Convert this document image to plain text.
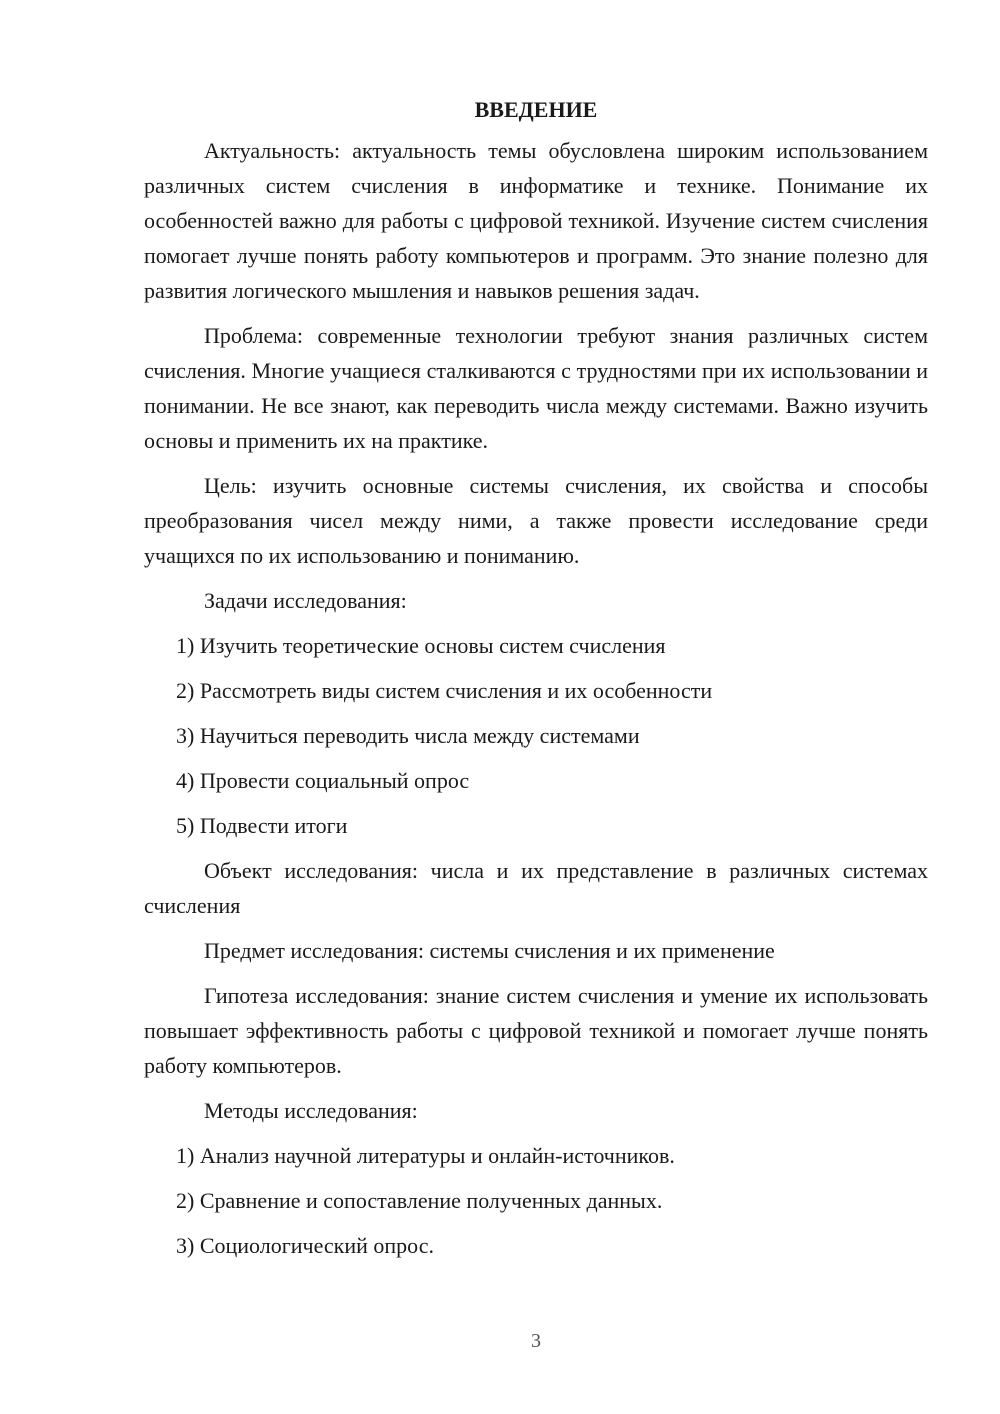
ВВЕДЕНИЕ

Актуальность: актуальность темы обусловлена широким использованием различных систем счисления в информатике и технике. Понимание их особенностей важно для работы с цифровой техникой. Изучение систем счисления помогает лучше понять работу компьютеров и программ. Это знание полезно для развития логического мышления и навыков решения задач.

Проблема: современные технологии требуют знания различных систем счисления. Многие учащиеся сталкиваются с трудностями при их использовании и понимании. Не все знают, как переводить числа между системами. Важно изучить основы и применить их на практике.

Цель: изучить основные системы счисления, их свойства и способы преобразования чисел между ними, а также провести исследование среди учащихся по их использованию и пониманию.

Задачи исследования:

1) Изучить теоретические основы систем счисления

2) Рассмотреть виды систем счисления и их особенности

3) Научиться переводить числа между системами

4) Провести социальный опрос

5) Подвести итоги

Объект исследования: числа и их представление в различных системах счисления

Предмет исследования: системы счисления и их применение

Гипотеза исследования: знание систем счисления и умение их использовать повышает эффективность работы с цифровой техникой и помогает лучше понять работу компьютеров.

Методы исследования:

1) Анализ научной литературы и онлайн-источников.

2) Сравнение и сопоставление полученных данных.

3) Социологический опрос.

3
